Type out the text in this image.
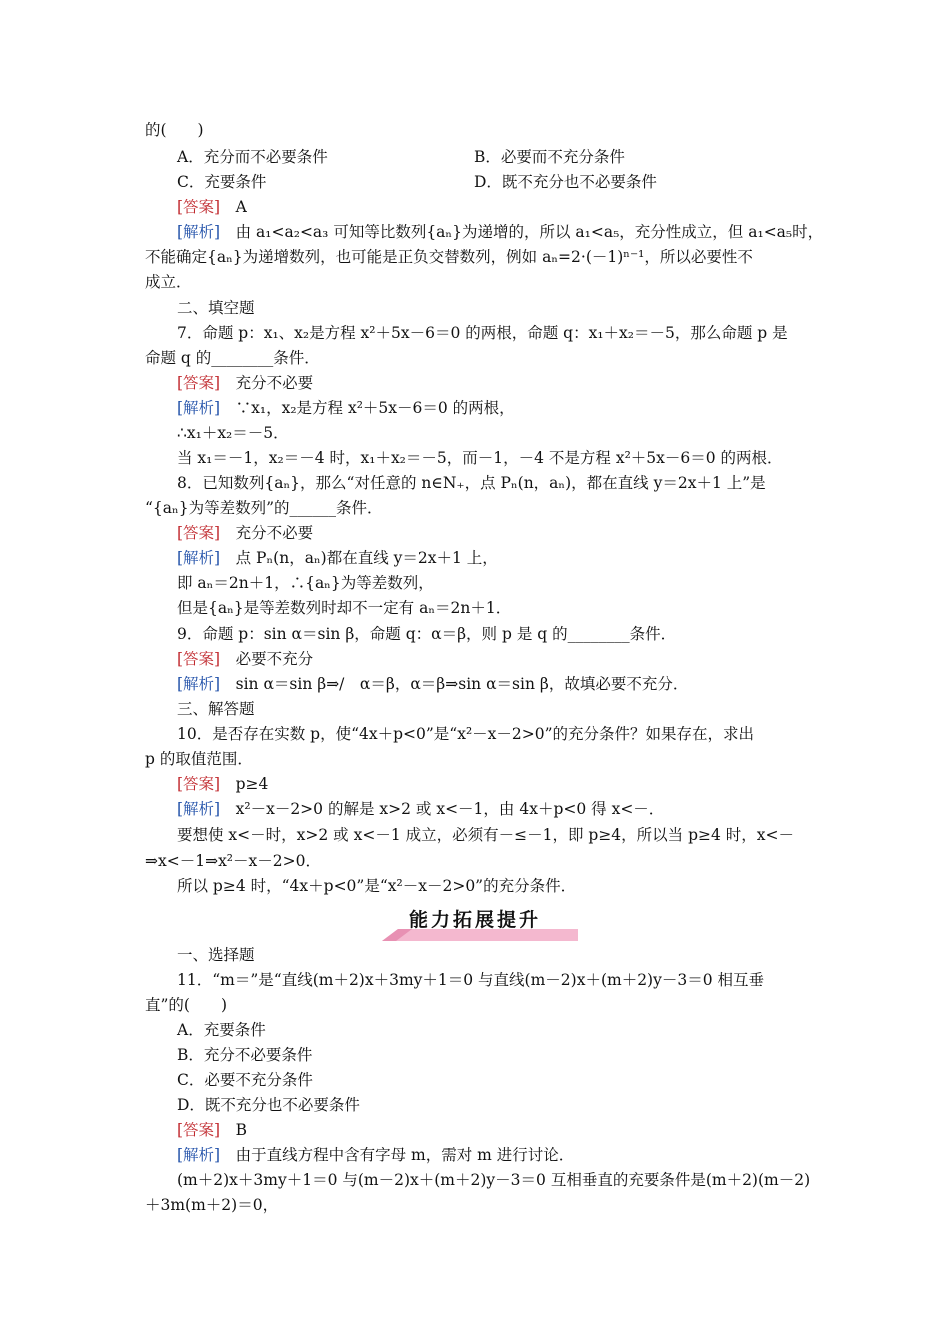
的(　　)
A．充分而不必要条件	B．必要而不充分条件
C．充要条件	D．既不充分也不必要条件
[答案]　 A
[解析]　 由 a₁<a₂<a₃ 可知等比数列{aₙ}为递增的，所以 a₁<a₅，充分性成立，但 a₁<a₅时，
不能确定{aₙ}为递增数列，也可能是正负交替数列，例如 aₙ=2·(－1)ⁿ⁻¹，所以必要性不
成立．
二、填空题
7．命题 p：x₁、x₂是方程 x²＋5x－6＝0 的两根，命题 q：x₁＋x₂＝－5，那么命题 p 是
命题 q 的________条件．
[答案]　 充分不必要
[解析]　 ∵x₁，x₂是方程 x²＋5x－6＝0 的两根，
∴x₁＋x₂＝－5．
当 x₁＝－1，x₂＝－4 时，x₁＋x₂＝－5，而－1，－4 不是方程 x²＋5x－6＝0 的两根．
8．已知数列{aₙ}，那么“对任意的 n∈N₊，点 Pₙ(n，aₙ)，都在直线 y＝2x＋1 上”是
“{aₙ}为等差数列”的______条件．
[答案]　 充分不必要
[解析]　 点 Pₙ(n，aₙ)都在直线 y＝2x＋1 上，
即 aₙ＝2n＋1，∴{aₙ}为等差数列，
但是{aₙ}是等差数列时却不一定有 aₙ＝2n＋1．
9．命题 p：sin α＝sin β，命题 q：α＝β，则 p 是 q 的________条件．
[答案]　 必要不充分
[解析]　 sin α＝sin β⇒/　α＝β，α＝β⇒sin α＝sin β，故填必要不充分．
三、解答题
10．是否存在实数 p，使“4x＋p<0”是“x²－x－2>0”的充分条件？如果存在，求出
p 的取值范围．
[答案]　 p≥4
[解析]　 x²－x－2>0 的解是 x>2 或 x<－1，由 4x＋p<0 得 x<－．
要想使 x<－时，x>2 或 x<－1 成立，必须有－≤－1，即 p≥4，所以当 p≥4 时，x<－
⇒x<－1⇒x²－x－2>0．
所以 p≥4 时，“4x＋p<0”是“x²－x－2>0”的充分条件．
能力拓展提升
一、选择题
11．“m＝”是“直线(m＋2)x＋3my＋1＝0 与直线(m－2)x＋(m＋2)y－3＝0 相互垂
直”的(　　)
A．充要条件
B．充分不必要条件
C．必要不充分条件
D．既不充分也不必要条件
[答案]　 B
[解析]　 由于直线方程中含有字母 m，需对 m 进行讨论．
(m＋2)x＋3my＋1＝0 与(m－2)x＋(m＋2)y－3＝0 互相垂直的充要条件是(m＋2)(m－2)
＋3m(m＋2)＝0，
